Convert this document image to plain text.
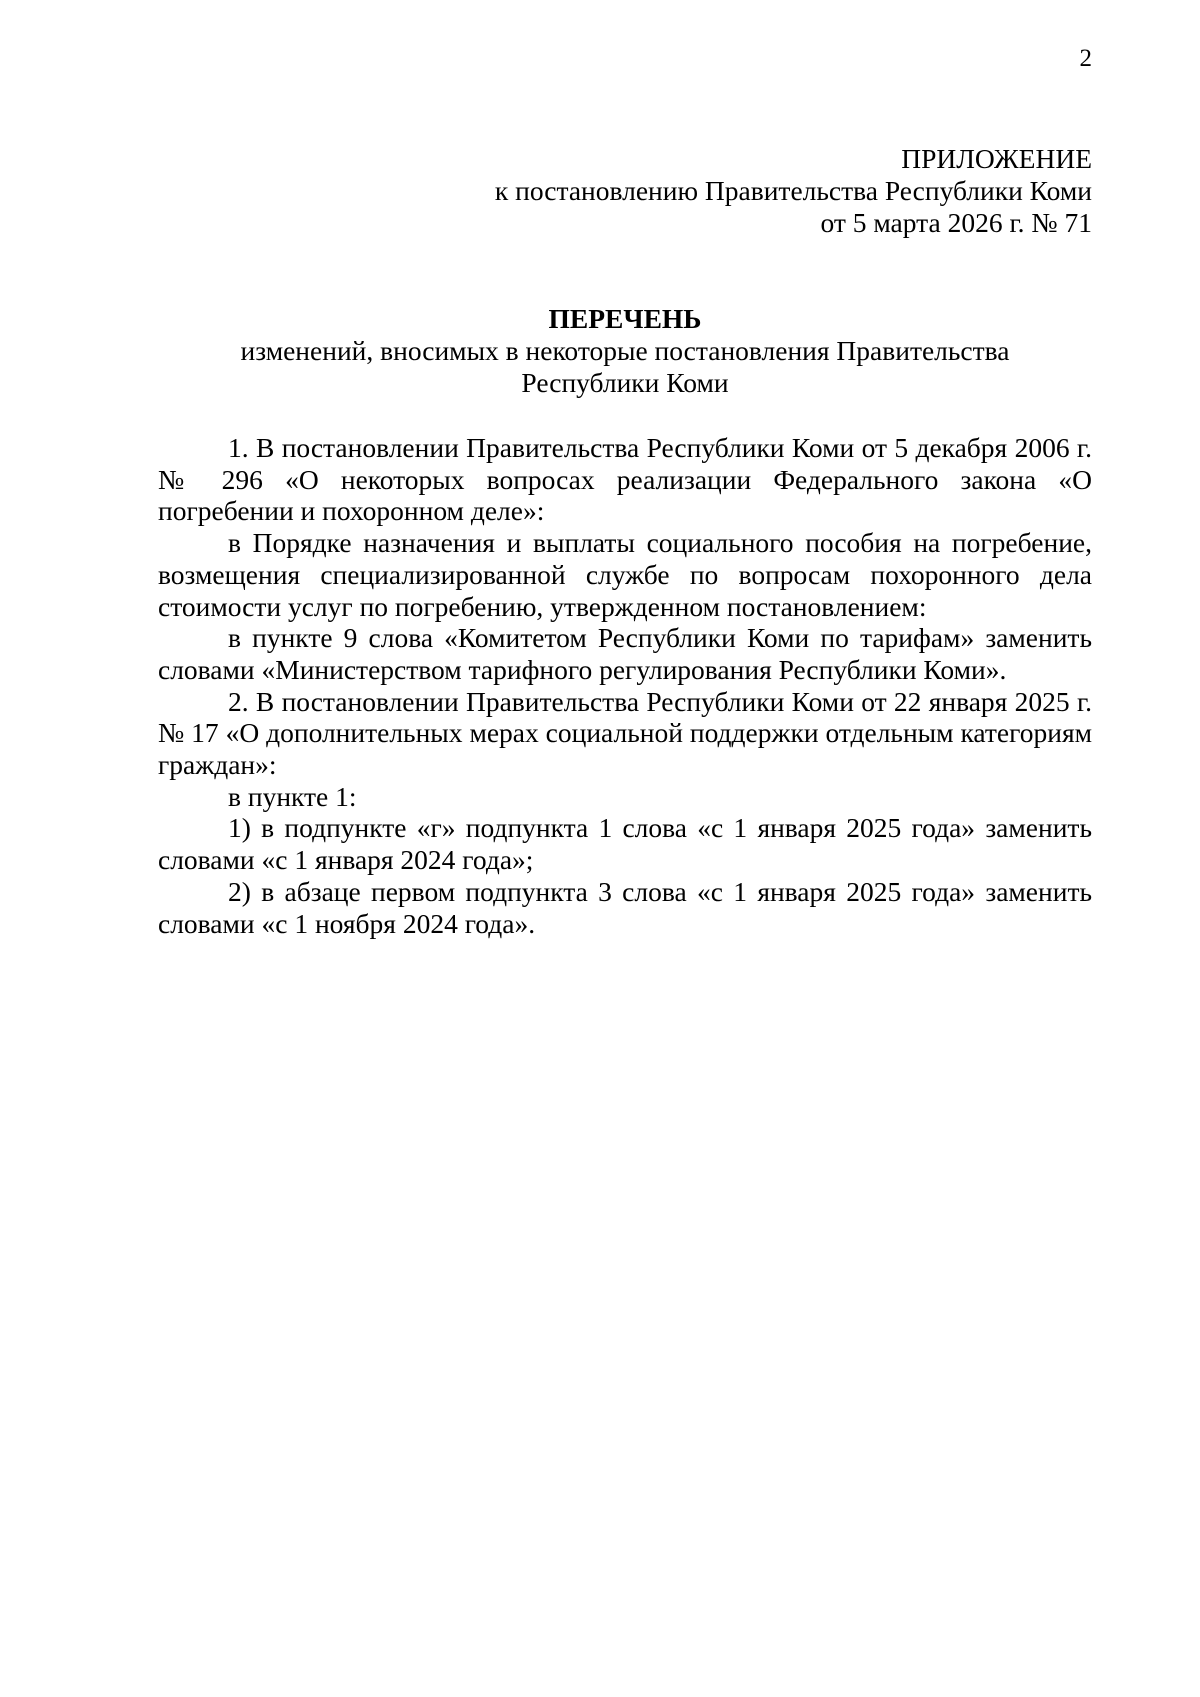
2
ПРИЛОЖЕНИЕ
к постановлению Правительства Республики Коми
от 5 марта 2026 г. № 71
ПЕРЕЧЕНЬ
изменений, вносимых в некоторые постановления Правительства
Республики Коми

1. В постановлении Правительства Республики Коми от 5 декабря 2006 г. № 296 «О некоторых вопросах реализации Федерального закона «О погребении и похоронном деле»:

в Порядке назначения и выплаты социального пособия на погребение, возмещения специализированной службе по вопросам похоронного дела стоимости услуг по погребению, утвержденном постановлением:

в пункте 9 слова «Комитетом Республики Коми по тарифам» заменить словами «Министерством тарифного регулирования Республики Коми».

2. В постановлении Правительства Республики Коми от 22 января 2025 г. № 17 «О дополнительных мерах социальной поддержки отдельным категориям граждан»:

в пункте 1:

1) в подпункте «г» подпункта 1 слова «с 1 января 2025 года» заменить словами «с 1 января 2024 года»;

2) в абзаце первом подпункта 3 слова «с 1 января 2025 года» заменить словами «с 1 ноября 2024 года».
